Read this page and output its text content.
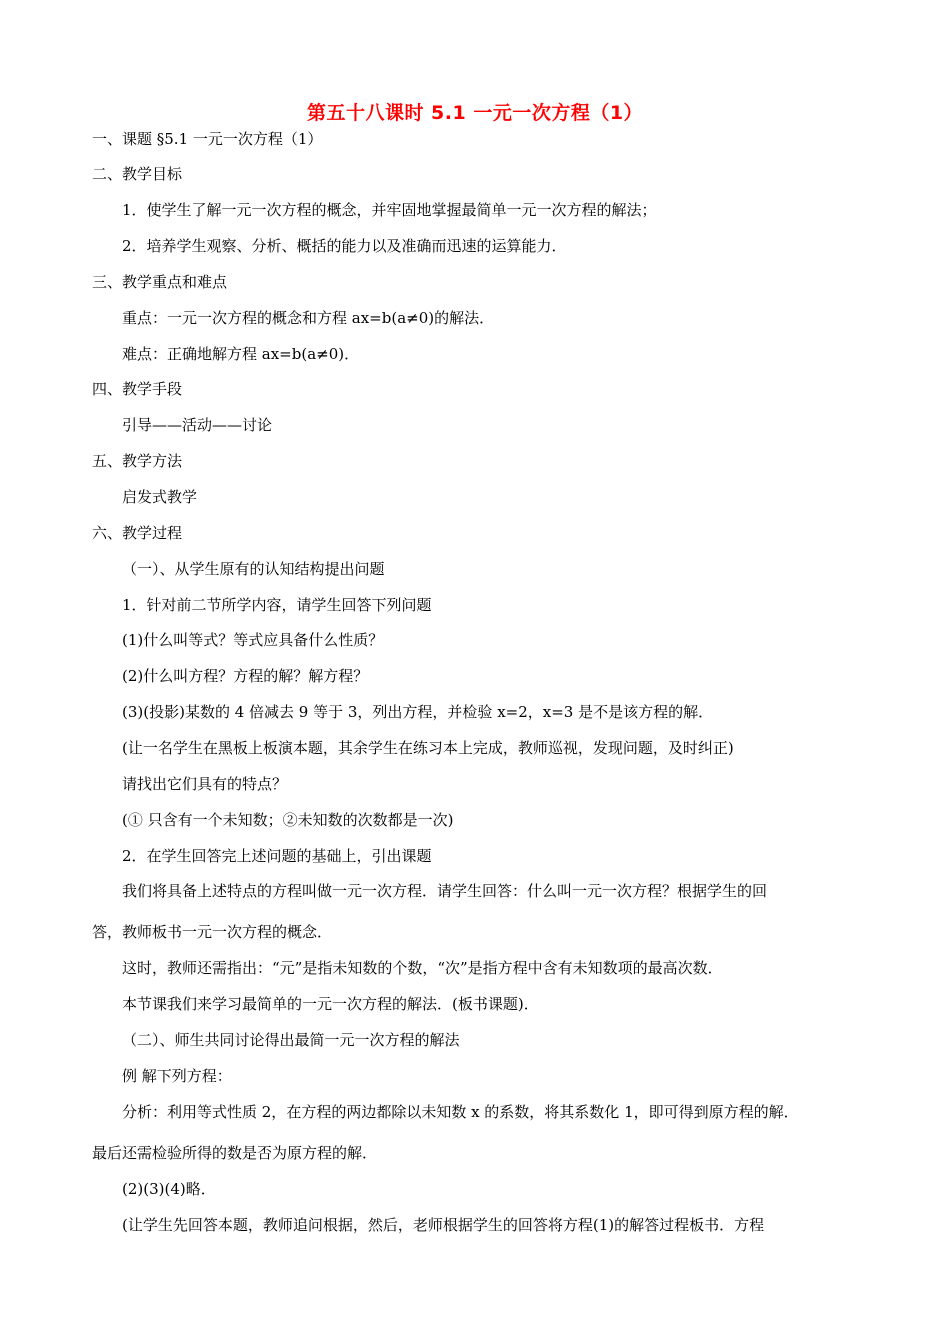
第五十八课时 5.1 一元一次方程（1）
一、课题 §5.1 一元一次方程（1）
二、教学目标
1．使学生了解一元一次方程的概念，并牢固地掌握最简单一元一次方程的解法；
2．培养学生观察、分析、概括的能力以及准确而迅速的运算能力．
三、教学重点和难点
重点：一元一次方程的概念和方程 ax=b(a≠0)的解法．
难点：正确地解方程 ax=b(a≠0)．
四、教学手段
引导——活动——讨论
五、教学方法
启发式教学
六、教学过程
（一）、从学生原有的认知结构提出问题
1．针对前二节所学内容，请学生回答下列问题
(1)什么叫等式？等式应具备什么性质？
(2)什么叫方程？方程的解？解方程？
(3)(投影)某数的 4 倍减去 9 等于 3，列出方程，并检验 x=2，x=3 是不是该方程的解．
(让一名学生在黑板上板演本题，其余学生在练习本上完成，教师巡视，发现问题，及时纠正)
请找出它们具有的特点？
(① 只含有一个未知数；②未知数的次数都是一次)
2．在学生回答完上述问题的基础上，引出课题
我们将具备上述特点的方程叫做一元一次方程．请学生回答：什么叫一元一次方程？根据学生的回
答，教师板书一元一次方程的概念．
这时，教师还需指出：“元”是指未知数的个数，“次”是指方程中含有未知数项的最高次数．
本节课我们来学习最简单的一元一次方程的解法．(板书课题)．
（二）、师生共同讨论得出最简一元一次方程的解法
例 解下列方程：
分析：利用等式性质 2，在方程的两边都除以未知数 x 的系数，将其系数化 1，即可得到原方程的解．
最后还需检验所得的数是否为原方程的解．
(2)(3)(4)略．
(让学生先回答本题，教师追问根据，然后，老师根据学生的回答将方程(1)的解答过程板书．方程
